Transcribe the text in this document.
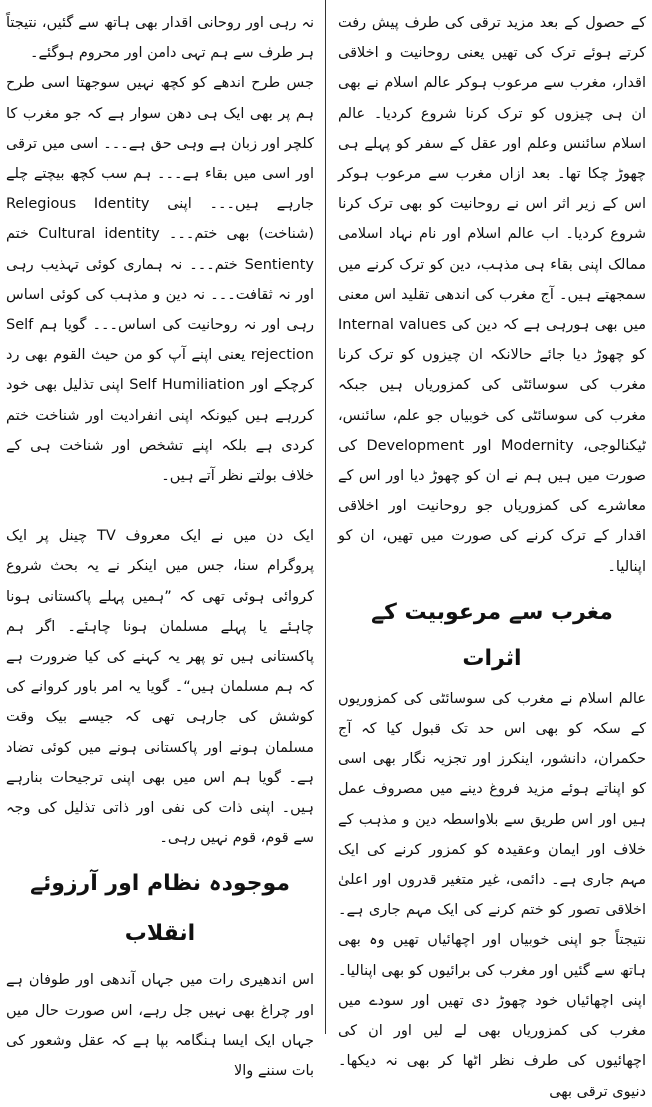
کے حصول کے بعد مزید ترقی کی طرف پیش رفت کرتے ہوئے ترک کی تھیں یعنی روحانیت و اخلاقی اقدار، مغرب سے مرعوب ہوکر عالم اسلام نے بھی ان ہی چیزوں کو ترک کرنا شروع کردیا۔ عالم اسلام سائنس وعلم اور عقل کے سفر کو پہلے ہی چھوڑ چکا تھا۔ بعد ازاں مغرب سے مرعوب ہوکر اس کے زیر اثر اس نے روحانیت کو بھی ترک کرنا شروع کردیا۔ اب عالم اسلام اور نام نہاد اسلامی ممالک اپنی بقاء ہی مذہب، دین کو ترک کرنے میں سمجھتے ہیں۔ آج مغرب کی اندھی تقلید اس معنی میں بھی ہورہی ہے کہ دین کی Internal values کو چھوڑ دیا جائے حالانکہ ان چیزوں کو ترک کرنا مغرب کی سوسائٹی کی کمزوریاں ہیں جبکہ مغرب کی سوسائٹی کی خوبیاں جو علم، سائنس، ٹیکنالوجی، Modernity اور Development کی صورت میں ہیں ہم نے ان کو چھوڑ دیا اور اس کے معاشرے کی کمزوریاں جو روحانیت اور اخلاقی اقدار کے ترک کرنے کی صورت میں تھیں، ان کو اپنالیا۔

مغرب سے مرعوبیت کے اثرات

عالم اسلام نے مغرب کی سوسائٹی کی کمزوریوں کے سکہ کو بھی اس حد تک قبول کیا کہ آج حکمران، دانشور، اینکرز اور تجزیہ نگار بھی اسی کو اپناتے ہوئے مزید فروغ دینے میں مصروف عمل ہیں اور اس طریق سے بلاواسطہ دین و مذہب کے خلاف اور ایمان وعقیدہ کو کمزور کرنے کی ایک مہم جاری ہے۔ دائمی، غیر متغیر قدروں اور اعلیٰ اخلاقی تصور کو ختم کرنے کی ایک مہم جاری ہے۔ نتیجتاً جو اپنی خوبیاں اور اچھائیاں تھیں وہ بھی ہاتھ سے گئیں اور مغرب کی برائیوں کو بھی اپنالیا۔ اپنی اچھائیاں خود چھوڑ دی تھیں اور سودے میں مغرب کی کمزوریاں بھی لے لیں اور ان کی اچھائیوں کی طرف نظر اٹھا کر بھی نہ دیکھا۔ دنیوی ترقی بھی

نہ رہی اور روحانی اقدار بھی ہاتھ سے گئیں، نتیجتاً ہر طرف سے ہم تہی دامن اور محروم ہوگئے۔

جس طرح اندھے کو کچھ نہیں سوجھتا اسی طرح ہم پر بھی ایک ہی دھن سوار ہے کہ جو مغرب کا کلچر اور زبان ہے وہی حق ہے۔۔۔ اسی میں ترقی اور اسی میں بقاء ہے۔۔۔ ہم سب کچھ بیچتے چلے جارہے ہیں۔۔۔ اپنی Relegious Identity (شناخت) بھی ختم۔۔۔ Cultural identity ختم Sentienty ختم۔۔۔ نہ ہماری کوئی تہذیب رہی اور نہ ثقافت۔۔۔ نہ دین و مذہب کی کوئی اساس رہی اور نہ روحانیت کی اساس۔۔۔ گویا ہم Self rejection یعنی اپنے آپ کو من حیث القوم بھی رد کرچکے اور Self Humiliation اپنی تذلیل بھی خود کررہے ہیں کیونکہ اپنی انفرادیت اور شناخت ختم کردی ہے بلکہ اپنے تشخص اور شناخت ہی کے خلاف بولتے نظر آتے ہیں۔

ایک دن میں نے ایک معروف TV چینل پر ایک پروگرام سنا، جس میں اینکر نے یہ بحث شروع کروائی ہوئی تھی کہ ”ہمیں پہلے پاکستانی ہونا چاہئے یا پہلے مسلمان ہونا چاہئے۔ اگر ہم پاکستانی ہیں تو پھر یہ کہنے کی کیا ضرورت ہے کہ ہم مسلمان ہیں“۔ گویا یہ امر باور کروانے کی کوشش کی جارہی تھی کہ جیسے بیک وقت مسلمان ہونے اور پاکستانی ہونے میں کوئی تضاد ہے۔ گویا ہم اس میں بھی اپنی ترجیحات بنارہے ہیں۔ اپنی ذات کی نفی اور ذاتی تذلیل کی وجہ سے قوم، قوم نہیں رہی۔

موجودہ نظام اور آرزوئے انقلاب

اس اندھیری رات میں جہاں آندھی اور طوفان ہے اور چراغ بھی نہیں جل رہے، اس صورت حال میں جہاں ایک ایسا ہنگامہ بپا ہے کہ عقل وشعور کی بات سننے والا
